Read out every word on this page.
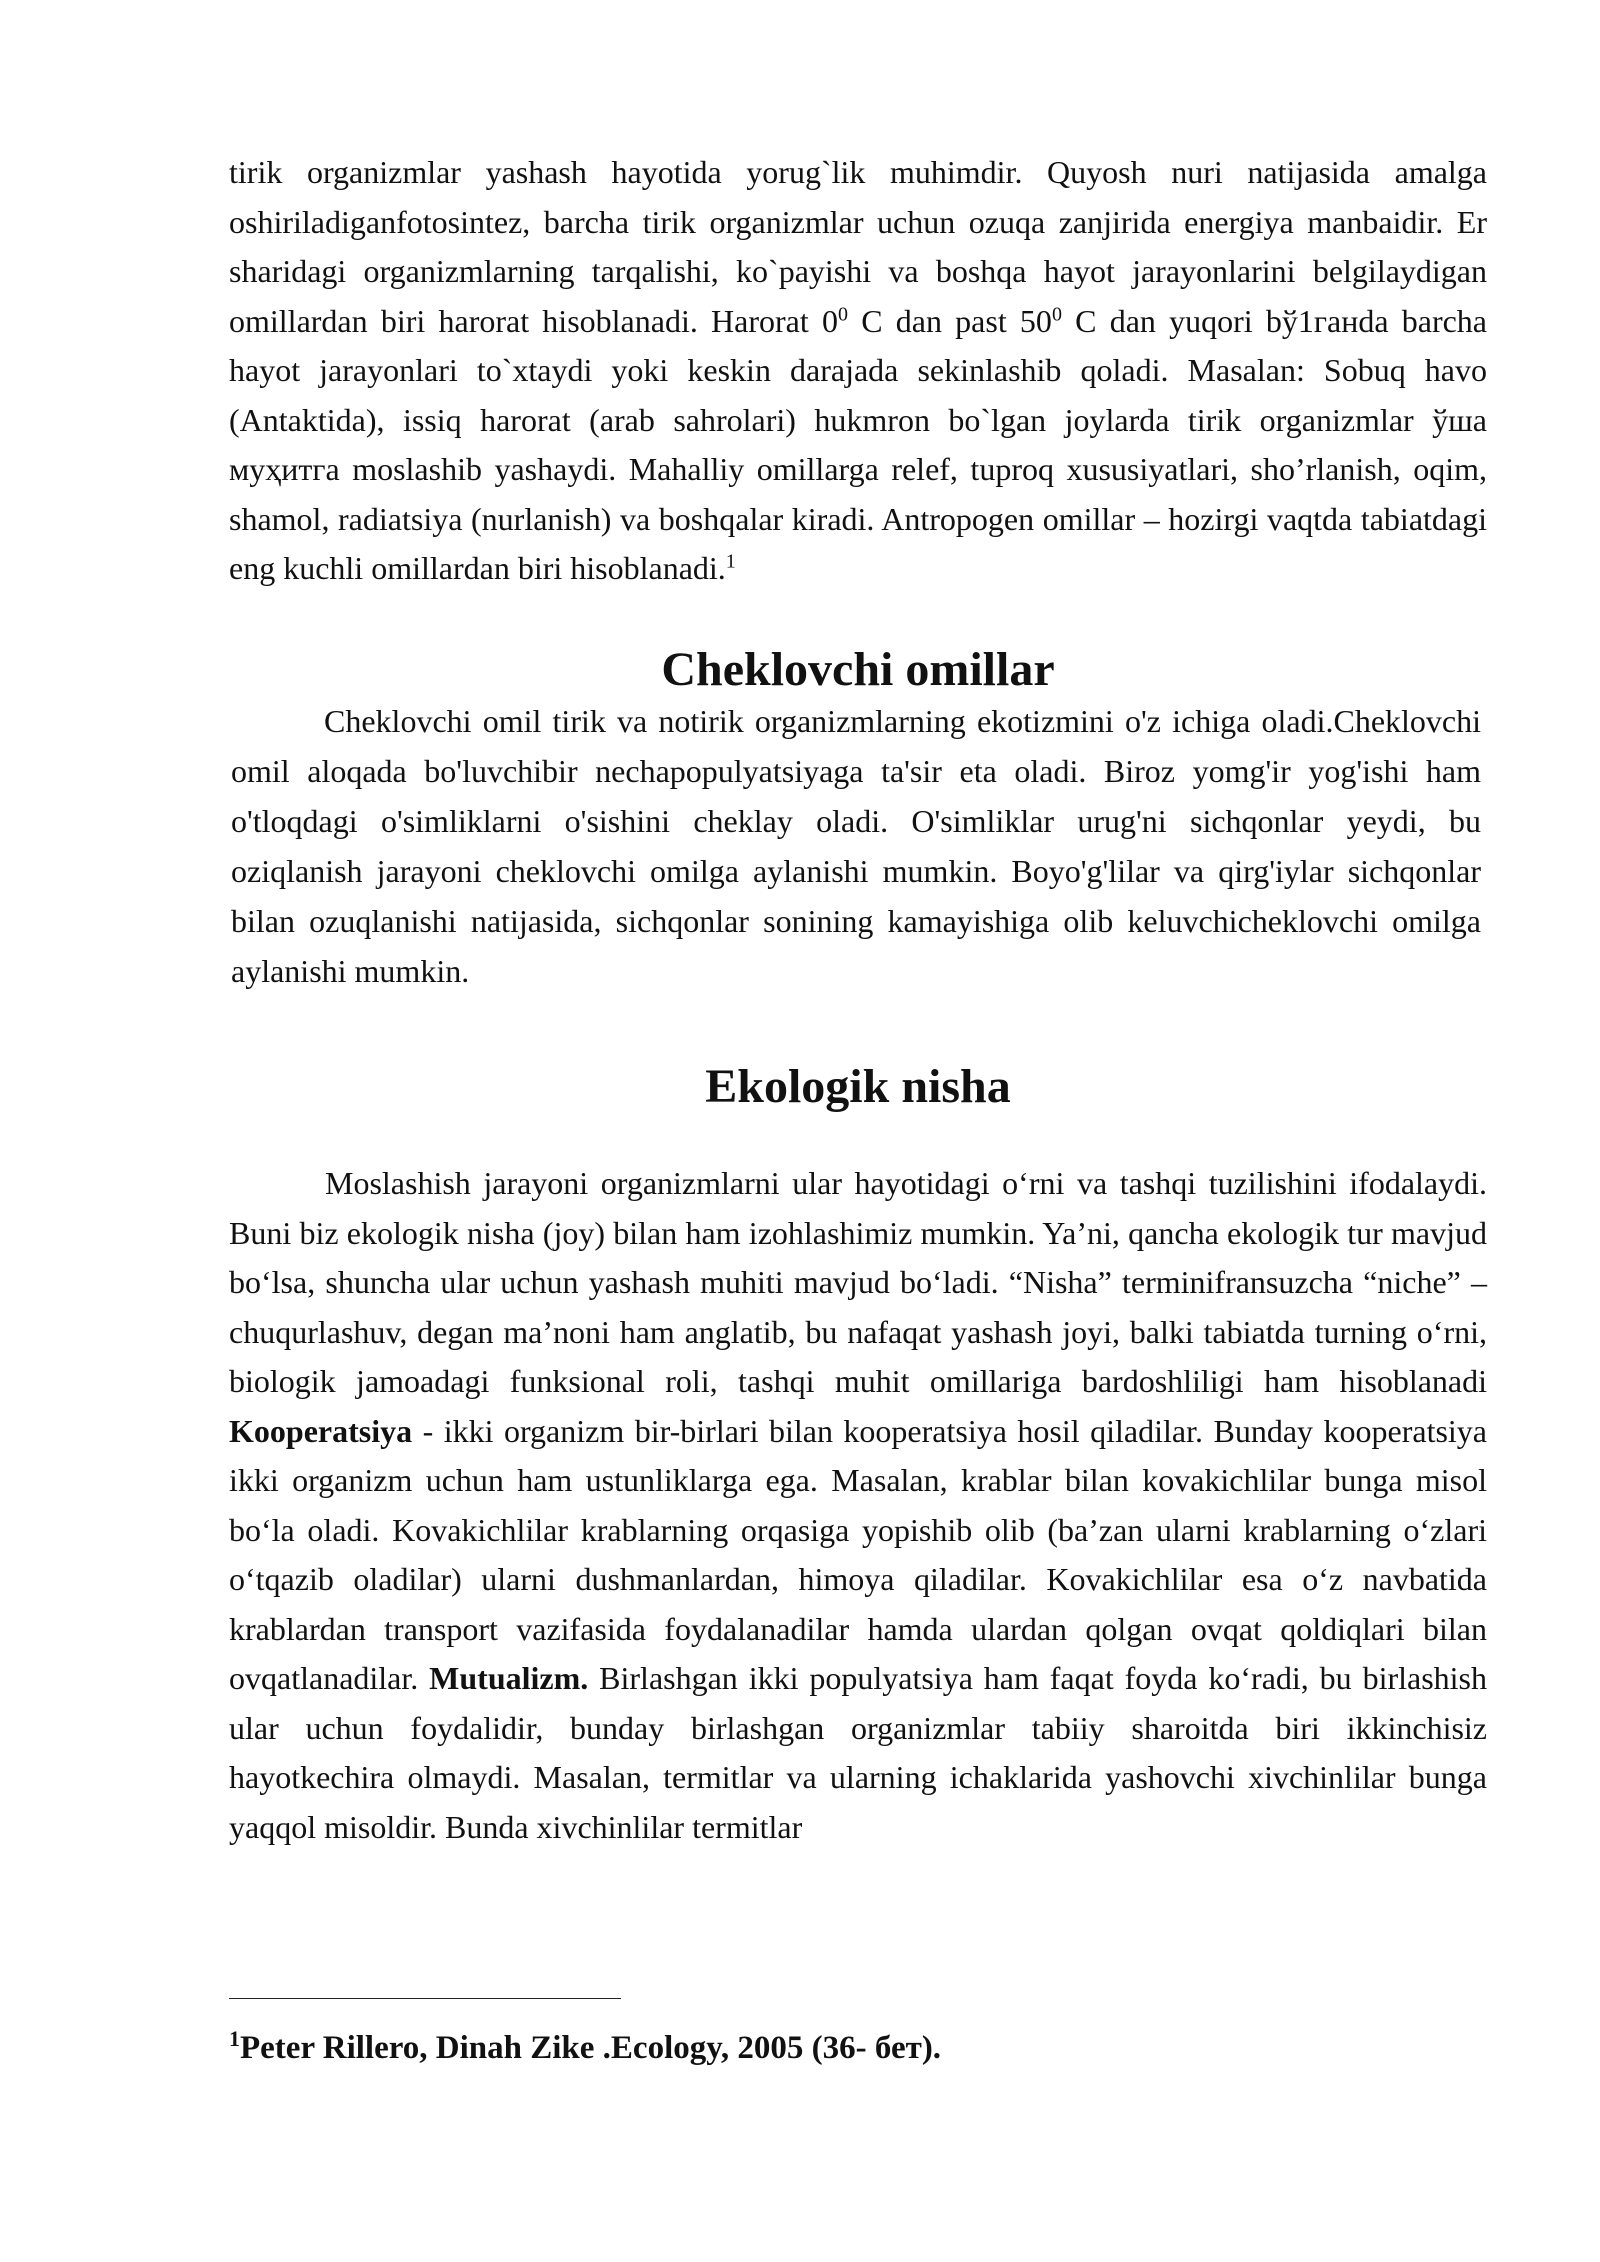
tirik organizmlar yashash hayotida yorug`lik muhimdir. Quyosh nuri natijasida amalga oshiriladiganfotosintez, barcha tirik organizmlar uchun ozuqa zanjirida energiya manbaidir. Er sharidagi organizmlarning tarqalishi, ko`payishi va boshqa hayot jarayonlarini belgilaydigan omillardan biri harorat hisoblanadi. Harorat $0^0$ C dan past $50^0$ C dan yuqori bў1ганda barcha hayot jarayonlari to`xtaydi yoki keskin darajada sekinlashib qoladi. Masalan: Sobuq havo (Antaktida), issiq harorat (arab sahrolari) hukmron bo`lgan joylarda tirik organizmlar ўша муҳитга moslashib yashaydi. Mahalliy omillarga relef, tuproq xususiyatlari, sho’rlanish, oqim, shamol, radiatsiya (nurlanish) va boshqalar kiradi. Antropogen omillar – hozirgi vaqtda tabiatdagi eng kuchli omillardan biri hisoblanadi.$^1$

Cheklovchi omillar

Cheklovchi omil tirik va notirik organizmlarning ekotizmini o'z ichiga oladi.Cheklovchi omil aloqada bo'luvchibir nechapopulyatsiyaga ta'sir eta oladi. Biroz yomg'ir yog'ishi ham o'tloqdagi o'simliklarni o'sishini cheklay oladi. O'simliklar urug'ni sichqonlar yeydi, bu oziqlanish jarayoni cheklovchi omilga aylanishi mumkin. Boyo'g'lilar va qirg'iylar sichqonlar bilan ozuqlanishi natijasida, sichqonlar sonining kamayishiga olib keluvchicheklovchi omilga aylanishi mumkin.

Ekologik nisha

Moslashish jarayoni organizmlarni ular hayotidagi o‘rni va tashqi tuzilishini ifodalaydi. Buni biz ekologik nisha (joy) bilan ham izohlashimiz mumkin. Ya’ni, qancha ekologik tur mavjud bo‘lsa, shuncha ular uchun yashash muhiti mavjud bo‘ladi. “Nisha” terminifransuzcha “niche” – chuqurlashuv, degan ma’noni ham anglatib, bu nafaqat yashash joyi, balki tabiatda turning o‘rni, biologik jamoadagi funksional roli, tashqi muhit omillariga bardoshliligi ham hisoblanadi Kooperatsiya - ikki organizm bir-birlari bilan kooperatsiya hosil qiladilar. Bunday kooperatsiya ikki organizm uchun ham ustunliklarga ega. Masalan, krablar bilan kovakichlilar bunga misol bo‘la oladi. Kovakichlilar krablarning orqasiga yopishib olib (ba’zan ularni krablarning o‘zlari o‘tqazib oladilar) ularni dushmanlardan, himoya qiladilar. Kovakichlilar esa o‘z navbatida krablardan transport vazifasida foydalanadilar hamda ulardan qolgan ovqat qoldiqlari bilan ovqatlanadilar. Mutualizm. Birlashgan ikki populyatsiya ham faqat foyda ko‘radi, bu birlashish ular uchun foydalidir, bunday birlashgan organizmlar tabiiy sharoitda biri ikkinchisiz hayotkechira olmaydi. Masalan, termitlar va ularning ichaklarida yashovchi xivchinlilar bunga yaqqol misoldir. Bunda xivchinlilar termitlar

$^1$Peter Rillero, Dinah Zike .Ecology, 2005 (36- бет).
